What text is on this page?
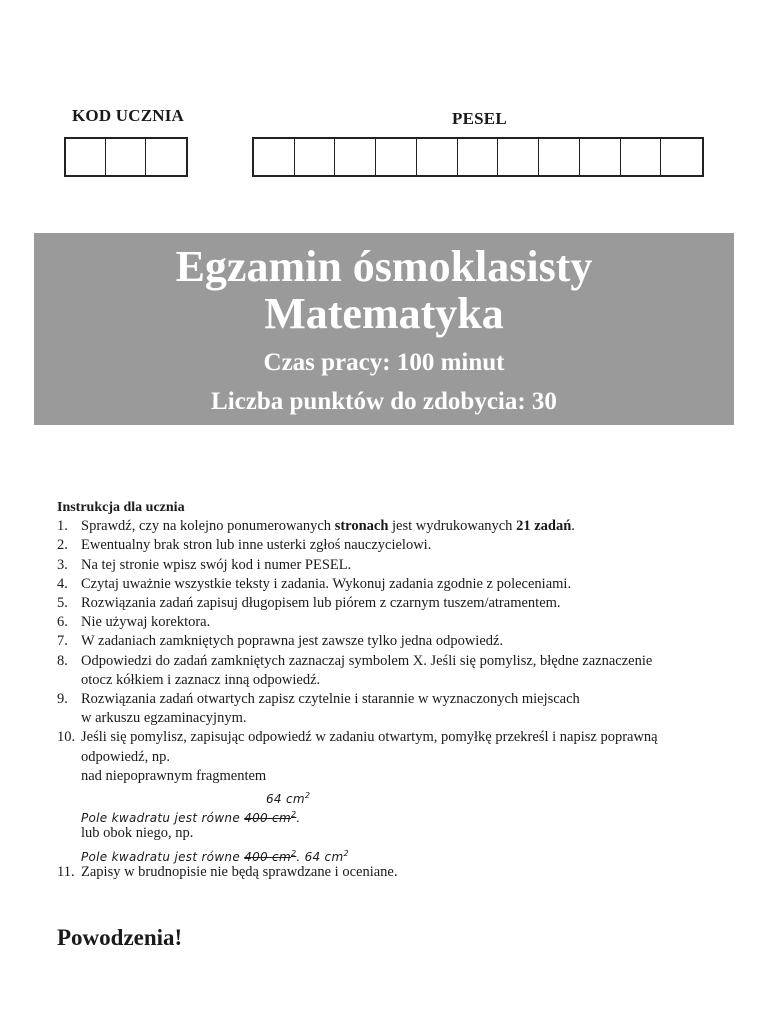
KOD UCZNIA	PESEL
Egzamin ósmoklasisty
Matematyka
Czas pracy: 100 minut
Liczba punktów do zdobycia: 30
Instrukcja dla ucznia
1. Sprawdź, czy na kolejno ponumerowanych stronach jest wydrukowanych 21 zadań.
2. Ewentualny brak stron lub inne usterki zgłoś nauczycielowi.
3. Na tej stronie wpisz swój kod i numer PESEL.
4. Czytaj uważnie wszystkie teksty i zadania. Wykonuj zadania zgodnie z poleceniami.
5. Rozwiązania zadań zapisuj długopisem lub piórem z czarnym tuszem/atramentem.
6. Nie używaj korektora.
7. W zadaniach zamkniętych poprawna jest zawsze tylko jedna odpowiedź.
8. Odpowiedzi do zadań zamkniętych zaznaczaj symbolem X. Jeśli się pomylisz, błędne zaznaczenie
otocz kółkiem i zaznacz inną odpowiedź.
9. Rozwiązania zadań otwartych zapisz czytelnie i starannie w wyznaczonych miejscach
w arkuszu egzaminacyjnym.
10. Jeśli się pomylisz, zapisując odpowiedź w zadaniu otwartym, pomyłkę przekreśl i napisz poprawną
odpowiedź, np.
nad niepoprawnym fragmentem
64 $cm^2$
Pole kwadratu jest równe 400 $cm^2$.
lub obok niego, np.
Pole kwadratu jest równe 400 $cm^2$. 64 $cm^2$
11. Zapisy w brudnopisie nie będą sprawdzane i oceniane.
Powodzenia!
